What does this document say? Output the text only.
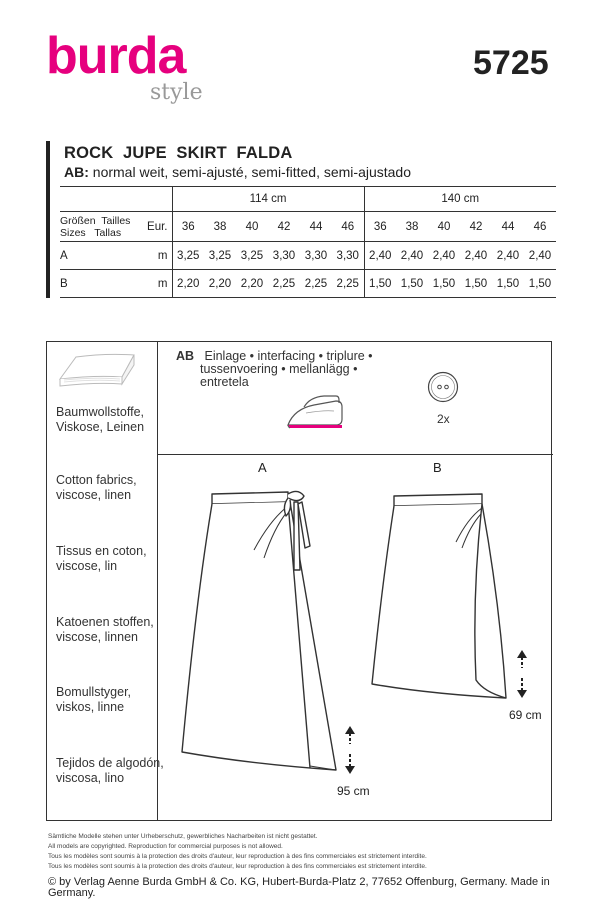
burda
style
5725
ROCK  JUPE  SKIRT  FALDA
AB: normal weit, semi-ajusté, semi-fitted, semi-ajustado
		114 cm						140 cm					

Größen  Tailles
Sizes   Tallas	Eur.	36	38	40	42	44	46	36	38	40	42	44	46
A	m	3,25	3,25	3,25	3,30	3,30	3,30	2,40	2,40	2,40	2,40	2,40	2,40
B	m	2,20	2,20	2,20	2,25	2,25	2,25	1,50	1,50	1,50	1,50	1,50	1,50
Baumwollstoffe,
Viskose, Leinen
Cotton fabrics,
viscose, linen
Tissus en coton,
viscose, lin
Katoenen stoffen,
viscose, linnen
Bomullstyger,
viskos, linne
Tejidos de algodón,
viscosa, lino
AB Einlage • interfacing • triplure •
tussenvoering • mellanlägg •
entretela
2x
A	B
95 cm
69 cm
Sämtliche Modelle stehen unter Urheberschutz, gewerbliches Nacharbeiten ist nicht gestattet.
All models are copyrighted. Reproduction for commercial purposes is not allowed.
Tous les modèles sont soumis à la protection des droits d'auteur, leur reproduction à des fins commerciales est strictement interdite.
Tous les modèles sont soumis à la protection des droits d'auteur, leur reproduction à des fins commerciales est strictement interdite.
© by Verlag Aenne Burda GmbH & Co. KG, Hubert-Burda-Platz 2, 77652 Offenburg, Germany. Made in Germany.
